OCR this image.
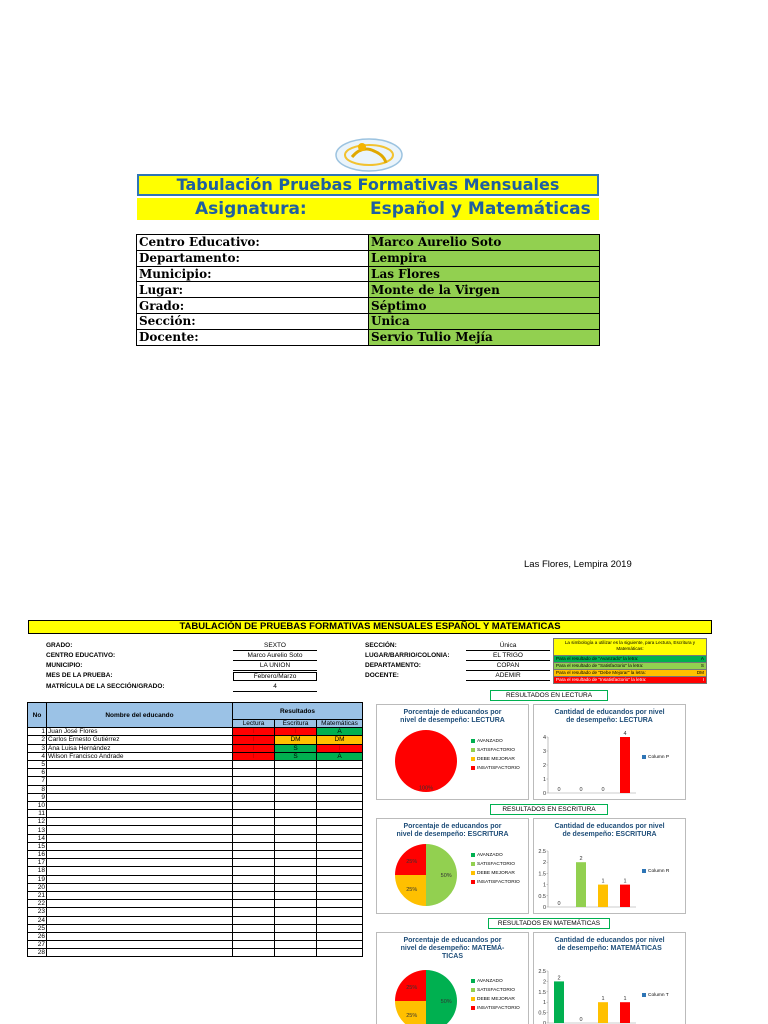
Tabulación Pruebas Formativas Mensuales
Asignatura:	Español y Matemáticas
Centro Educativo:	Marco Aurelio Soto
Departamento:	Lempira
Municipio:	Las Flores
Lugar:	Monte de la Virgen
Grado:	Séptimo
Sección:	Unica
Docente:	Servio Tulio Mejía
Las Flores, Lempira 2019
TABULACIÓN DE PRUEBAS FORMATIVAS MENSUALES ESPAÑOL Y MATEMATICAS
GRADO:	SEXTO
CENTRO EDUCATIVO:	Marco Aurelio Soto
MUNICIPIO:	LA UNION
MES DE LA PRUEBA:	Febrero/Marzo
MATRÍCULA DE LA SECCIÓN/GRADO:	4
SECCIÓN:	Única
LUGAR/BARRIO/COLONIA:	EL TRIGO
DEPARTAMENTO:	COPAN
DOCENTE:	ADEMIR
La simbología a utilizar es la siguiente, para Lectura, Escritura y Matemáticas:
Para el resultado de "Avanzado" la letra:	A
Para el resultado de "Satisfactorio" la letra:	S
Para el resultado de "Debe Mejorar" la letra:	DM
Para el resultado de "Insatisfactorio" la letra:	I
No	Nombre del educando	Resultados		
		Lectura	Escritura	Matemáticas
1	Juan José Flores	I	I	A
2	Carlos Ernesto Gutiérrez	I	DM	DM
3	Ana Luisa Hernández	I	S	I
4	Wilson Francisco Andrade	I	S	A
5				
6				
7				
8				
9				
10				
11				
12				
13				
14				
15				
16				
17				
18				
19				
20				
21				
22				
23				
24				
25				
26				
27				
28				
RESULTADOS EN LECTURA
Porcentaje de educandos por nivel de desempeño: LECTURA
100%
AVANZADO
SATISFACTORIO
DEBE MEJORAR
INSATISFACTORIO
Cantidad de educandos por nivel de desempeño: LECTURA
0
1
2
3
4
0	0	0
4
Column P
RESULTADOS EN ESCRITURA
Porcentaje de educandos por nivel de desempeño: ESCRITURA
50%
25%
25%
AVANZADO
SATISFACTORIO
DEBE MEJORAR
INSATISFACTORIO
Cantidad de educandos por nivel de desempeño: ESCRITURA
0
0.5
1
1.5
2
2.5
0
2
1	1
Column R
RESULTADOS EN MATEMÁTICAS
Porcentaje de educandos por nivel de desempeño: MATEMÁ-TICAS
50%
25%
25%
AVANZADO
SATISFACTORIO
DEBE MEJORAR
INSATISFACTORIO
Cantidad de educandos por nivel de desempeño: MATEMÁTICAS
0
0.5
1
1.5
2
2.5
2
0
1	1
Column T
